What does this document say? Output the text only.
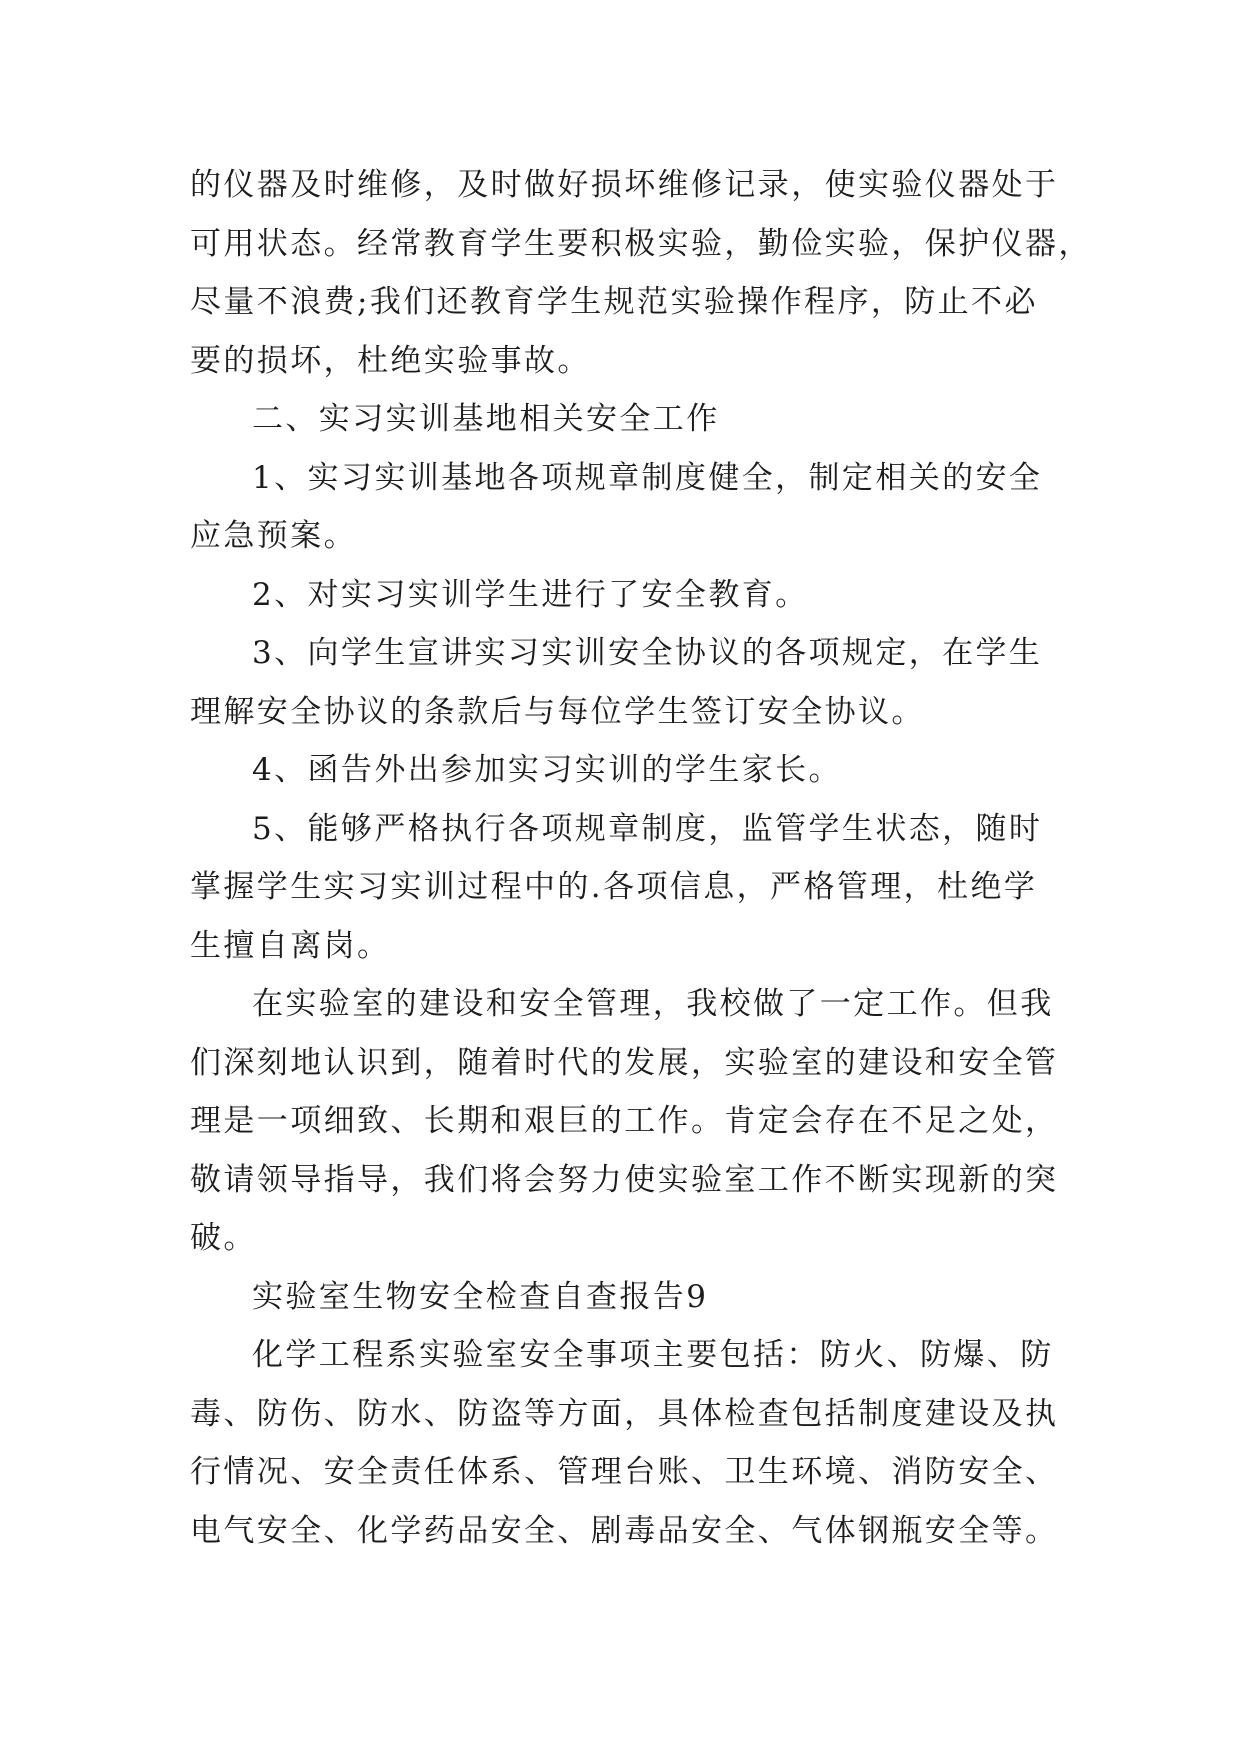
的仪器及时维修，及时做好损坏维修记录，使实验仪器处于
可用状态。经常教育学生要积极实验，勤俭实验，保护仪器，
尽量不浪费;我们还教育学生规范实验操作程序，防止不必
要的损坏，杜绝实验事故。
二、实习实训基地相关安全工作
1、实习实训基地各项规章制度健全，制定相关的安全
应急预案。
2、对实习实训学生进行了安全教育。
3、向学生宣讲实习实训安全协议的各项规定，在学生
理解安全协议的条款后与每位学生签订安全协议。
4、函告外出参加实习实训的学生家长。
5、能够严格执行各项规章制度，监管学生状态，随时
掌握学生实习实训过程中的.各项信息，严格管理，杜绝学
生擅自离岗。
在实验室的建设和安全管理，我校做了一定工作。但我
们深刻地认识到，随着时代的发展，实验室的建设和安全管
理是一项细致、长期和艰巨的工作。肯定会存在不足之处，
敬请领导指导，我们将会努力使实验室工作不断实现新的突
破。
实验室生物安全检查自查报告9
化学工程系实验室安全事项主要包括：防火、防爆、防
毒、防伤、防水、防盗等方面，具体检查包括制度建设及执
行情况、安全责任体系、管理台账、卫生环境、消防安全、
电气安全、化学药品安全、剧毒品安全、气体钢瓶安全等。
